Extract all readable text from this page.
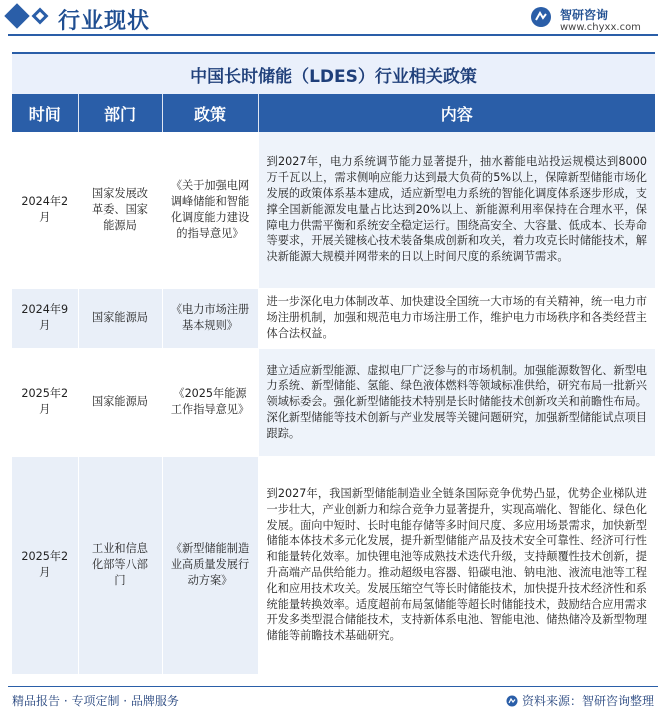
行业现状	智研咨询
www.chyxx.com
中国长时储能（LDES）行业相关政策
时间	部门	政策	内容
2024年2月	国家发展改革委、国家能源局	《关于加强电网调峰储能和智能化调度能力建设的指导意见》	到2027年，电力系统调节能力显著提升，抽水蓄能电站投运规模达到8000万千瓦以上，需求侧响应能力达到最大负荷的5%以上，保障新型储能市场化发展的政策体系基本建成，适应新型电力系统的智能化调度体系逐步形成，支撑全国新能源发电量占比达到20%以上、新能源利用率保持在合理水平，保障电力供需平衡和系统安全稳定运行。围绕高安全、大容量、低成本、长寿命等要求，开展关键核心技术装备集成创新和攻关，着力攻克长时储能技术，解决新能源大规模并网带来的日以上时间尺度的系统调节需求。
2024年9月	国家能源局	《电力市场注册基本规则》	进一步深化电力体制改革、加快建设全国统一大市场的有关精神，统一电力市场注册机制，加强和规范电力市场注册工作，维护电力市场秩序和各类经营主体合法权益。
2025年2月	国家能源局	《2025年能源工作指导意见》	建立适应新型能源、虚拟电厂广泛参与的市场机制。加强能源数智化、新型电力系统、新型储能、氢能、绿色液体燃料等领域标准供给，研究布局一批新兴领域标委会。强化新型储能技术特别是长时储能技术创新攻关和前瞻性布局。深化新型储能等技术创新与产业发展等关键问题研究，加强新型储能试点项目跟踪。
2025年2月	工业和信息化部等八部门	《新型储能制造业高质量发展行动方案》	到2027年，我国新型储能制造业全链条国际竞争优势凸显，优势企业梯队进一步壮大，产业创新力和综合竞争力显著提升，实现高端化、智能化、绿色化发展。面向中短时、长时电能存储等多时间尺度、多应用场景需求，加快新型储能本体技术多元化发展，提升新型储能产品及技术安全可靠性、经济可行性和能量转化效率。加快锂电池等成熟技术迭代升级，支持颠覆性技术创新，提升高端产品供给能力。推动超级电容器、铅碳电池、钠电池、液流电池等工程化和应用技术攻关。发展压缩空气等长时储能技术，加快提升技术经济性和系统能量转换效率。适度超前布局氢储能等超长时储能技术，鼓励结合应用需求开发多类型混合储能技术，支持新体系电池、智能电池、储热储冷及新型物理储能等前瞻技术基础研究。
精品报告 · 专项定制 · 品牌服务	资料来源：智研咨询整理
